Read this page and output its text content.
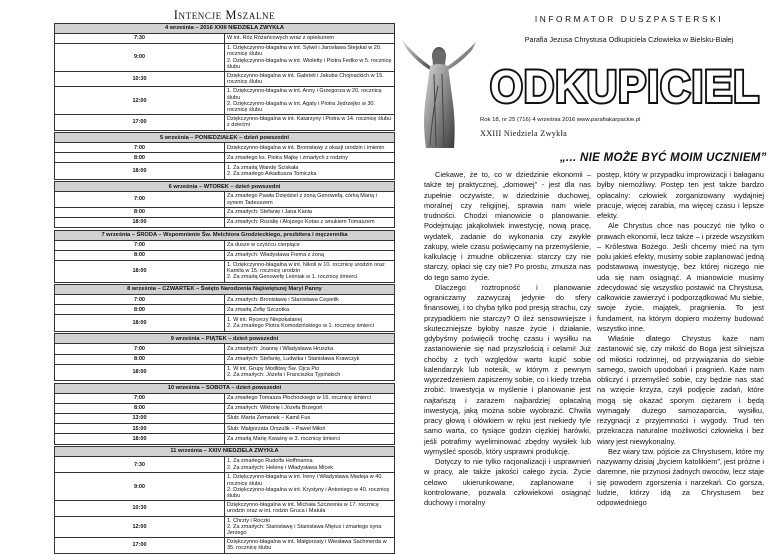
Intencje Mszalne
4 września – 2016 XXIII NIEDZIELA ZWYKŁA	
7:30	W int. Róż Różańcowych wraz z opiekunem

9:00	1. Dziękczynno-błagalna w int. Sylwii i Jarosława Stejskal w 20. rocznicę ślubu
2. Dziękczynno-błagalna w int. Wioletty i Piotra Fedko w 5. rocznicę ślubu

10:30	Dziękczynno-błagalna w int. Gabrieli i Jakuba Chojnackich w 15. rocznicę ślubu

12:00	1. Dziękczynno-błagalna w int. Anny i Grzegorza w 20. rocznicę ślubu
2. Dziękczynno-błagalna w int. Agaty i Piotra Jędrzejko w 30. rocznicę ślubu

17:00	Dziękczynno-błagalna w int. Katarzyny i Piotra w 14. rocznicę ślubu z dziećmi

5 września – PONIEDZIAŁEK – dzień powszedni	
7:00	Dziękczynno-błagalna w int. Bronisławy z okazji urodzin i imienin

8:00	Za zmarłego ks. Piotra Majkę i zmarłych z rodziny

18:00	1. Za zmarłą Wandę Ściskała
2. Za zmarłego Arkadiusza Tomiczka

6 września – WTOREK – dzień powszedni	
7:00	Za zmarłego Pawła Dziędziel z żoną Genowefą, córką Marią i synem Tadeuszem

8:00	Za zmarłych: Stefanię i Jana Kania

18:00	Za zmarłych: Rozalię i Alojzego Kotas z wnukiem Tomaszem

7 września – ŚRODA – Wspomnienie Św. Melchiora Grodzieckiego, prezbitera i męczennika	
7:00	Za dusze w czyśćcu cierpiące

8:00	Za zmarłych: Władysława Fiema z żoną

18:00	1. Dziękczynno-błagalna w int. Nikoli w 10. rocznicę urodzin oraz Kamila w 15. rocznicę urodzin
2. Za zmarłą Genowefę Leśniak w 1. rocznicę śmierci

8 września – CZWARTEK – Święto Narodzenia Najświętszej Maryi Panny	
7:00	Za zmarłych: Bronisławę i Stanisława Cepielik

8:00	Za zmarłą Zofię Szczotka

18:00	1. W int. Rycerzy Niepokalanej
2. Za zmarłego Piotra Komodzińskiego w 1. rocznicę śmierci

9 września – PIĄTEK – dzień powszedni	
7:00	Za zmarłych: Joannę i Władysława Hruszka

8:00	Za zmarłych: Stefanię, Ludwika i Stanisława Krawczyk

18:00	1. W int. Grupy Modlitwy Św. Ojca Pio
2. Za zmarłych: Józefa i Franciszka Typińskich

10 września – SOBOTA – dzień powszedni	
7:00	Za zmarłego Tomasza Płochockiego w 16. rocznicę śmierci

8:00	Za zmarłych: Wiktorię i Józefa Brzegoń

13:00	Ślub: Marta Zemanek – Kamil Fus

15:00	Ślub: Małgorzata Orszulik – Paweł Miłoń

18:00	Za zmarłą Marię Kwaśny w 3. rocznicę śmierci

11 września – XXIV NIEDZIELA ZWYKŁA	
7:30	1. Za zmarłego Rudolfa Hoffmanna
2. Za zmarłych: Helenę i Władysława Micek

9:00	1. Dziękczynno-błagalna w int. Ireny i Władysława Madeja w 40. rocznicę ślubu
2. Dziękczynno-błagalna w int. Krystyny i Antoniego w 40. rocznicę ślubu

10:30	Dziękczynno-błagalna w int. Michała Szczesnia w 17. rocznicę urodzin oraz w int. rodzin Gruca i Matuła

12:00	1. Chrzty i Roczki
2. Za zmarłych: Stanisławę i Stanisława Miętus i zmarłego syna Jerzego

17:00	Dziękczynno-błagalna w int. Małgorzaty i Wiesława Sachmerda w 35. rocznicę ślubu
INFORMATOR DUSZPASTERSKI
Parafia Jezusa Chrystusa Odkupiciela Człowieka w Bielsku-Białej
ODKUPICIEL
Rok 18, nr 25 (716) 4 września 2016 www.parafiakarpackie.pl
XXIII Niedziela Zwykła
„... NIE MOŻE BYĆ MOIM UCZNIEM”

Ciekawe, że to, co w dziedzinie ekonomii – także tej praktycznej, „domowej” - jest dla nas zupełnie oczywiste, w dziedzinie duchowej, moralnej czy religijnej, sprawia nam wiele trudności. Chodzi mianowicie o planowanie. Podejmując jakąkolwiek inwestycję, nową pracę, wydatek, zadanie do wykonania czy zwykłe zakupy, wiele czasu poświęcamy na przemyślenie, kalkulację i żmudne obliczenia: starczy czy nie starczy, opłaci się czy nie? Po prostu, zmusza nas do tego samo życie.

Dlaczego roztropność i planowanie ograniczamy zazwyczaj jedynie do sfery finansowej, i to chyba tylko pod presją strachu, czy przypadkiem nie starczy? O ileż sensowniejsze i skuteczniejsze byłoby nasze życie i działanie, gdybyśmy poświęcili trochę czasu i wysiłku na zastanowienie się nad przyszłością i celami! Już choćby z tych względów warto kupić sobie kalendarzyk lub notesik, w którym z pewnym wyprzedzeniem zapiszemy sobie, co i kiedy trzeba zrobić. Inwestycja w myślenie i planowanie jest najtańszą i zarazem najbardziej opłacalną inwestycją, jaką można sobie wyobrazić. Chwila pracy głową i ołówkiem w ręku jest niekiedy tyle samo warta, co tysiące godzin ciężkiej harówki, jeśli potrafimy wyeliminować zbędny wysiłek lub wymyśleć sposób, który usprawni produkcję.

Dotyczy to nie tylko racjonalizacji i usprawnień w pracy, ale także jakości całego życia. Życie celowo ukierunkowane, zaplanowane i kontrolowane, pozwala człowiekowi osiągnąć duchowy i moralny

postęp, który w przypadku improwizacji i bałaganu byłby niemożliwy. Postęp ten jest także bardzo opłacalny: człowiek zorganizowany wydajniej pracuje, więcej zarabia, ma więcej czasu i lepsze efekty.

Ale Chrystus chce nas pouczyć nie tylko o prawach ekonomii, lecz także – i przede wszystkim – Królestwa Bożego. Jeśli chcemy mieć na tym polu jakieś efekty, musimy sobie zaplanować jedną podstawową inwestycję, bez której niczego nie uda się nam osiągnąć. A mianowicie musimy zdecydować się wszystko postawić na Chrystusa, całkowicie zawierzyć i podporządkować Mu siebie, swoje życie, majątek, pragnienia. To jest fundament, na którym dopiero możemy budować wszystko inne.

Właśnie dlatego Chrystus każe nam zastanowić się, czy miłość do Boga jest silniejsza od miłości rodzinnej, od przywiązania do siebie samego, swoich upodobań i pragnień. Każe nam obliczyć i przemyśleć sobie, czy będzie nas stać na wzięcie krzyża, czyli podjęcie zadań, które mogą się okazać sporym ciężarem i będą wymagały dużego samozaparcia, wysiłku, rezygnacji z przyjemności i wygody. Trud ten przekracza naturalne możliwości człowieka i bez wiary jest niewykonalny.

Bez wiary tzw. pójście za Chrystusem, które my nazywamy dzisiaj „byciem katolikiem”, jest próżne i daremne, nie przynosi żadnych owoców, lecz staje się powodem zgorszenia i narzekań. Co gorsza, ludzie, którzy idą za Chrystusem bez odpowiedniego
